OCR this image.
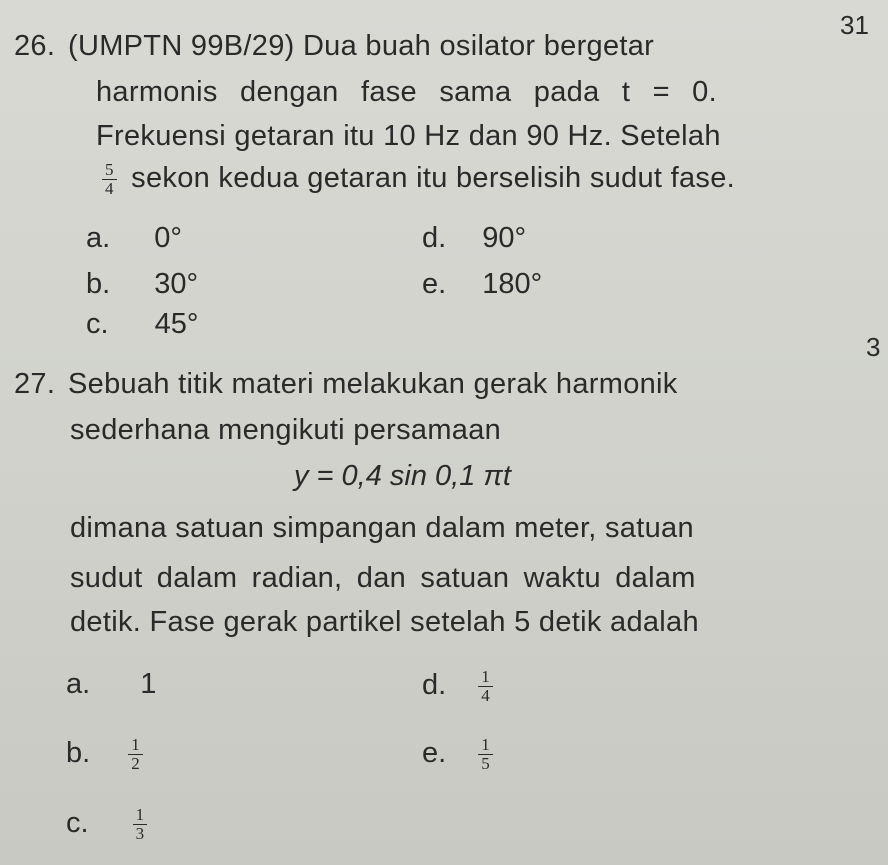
31
3
26. (UMPTN 99B/29) Dua buah osilator bergetar
harmonis dengan fase sama pada t = 0.
Frekuensi getaran itu 10 Hz dan 90 Hz. Setelah
$\frac{5}{4}$ sekon kedua getaran itu berselisih sudut fase.
a. 0°
b. 30°
c. 45°
d. 90°
e. 180°
27. Sebuah titik materi melakukan gerak harmonik
sederhana mengikuti persamaan
y = 0,4 sin 0,1 πt
dimana satuan simpangan dalam meter, satuan
sudut dalam radian, dan satuan waktu dalam
detik. Fase gerak partikel setelah 5 detik adalah
a. 1
b. $\frac{1}{2}$
c.	$\frac{1}{3}$
d. $\frac{1}{4}$
e. $\frac{1}{5}$
